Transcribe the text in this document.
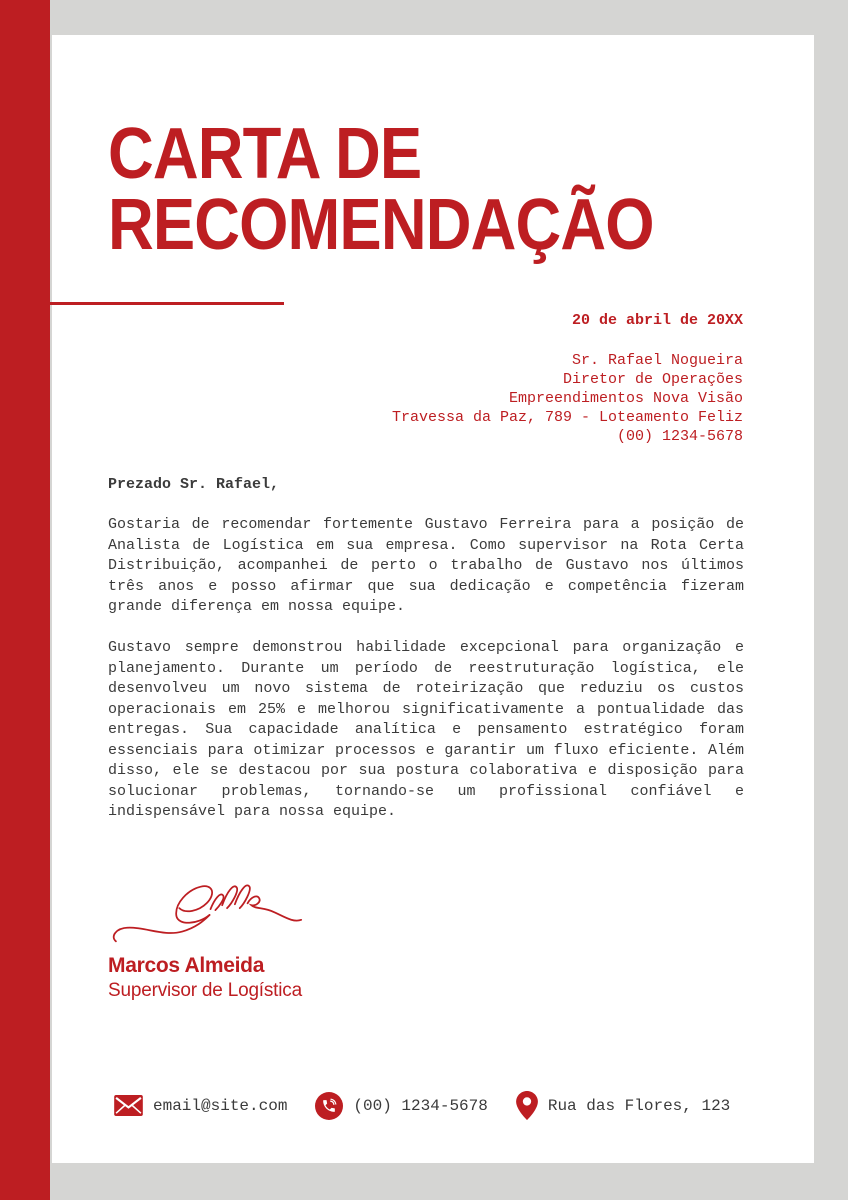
CARTA DE
RECOMENDAÇÃO
20 de abril de 20XX
Sr. Rafael Nogueira
Diretor de Operações
Empreendimentos Nova Visão
Travessa da Paz, 789 - Loteamento Feliz
(00) 1234-5678
Prezado Sr. Rafael,

Gostaria de recomendar fortemente Gustavo Ferreira para a posição de Analista de Logística em sua empresa. Como supervisor na Rota Certa Distribuição, acompanhei de perto o trabalho de Gustavo nos últimos três anos e posso afirmar que sua dedicação e competência fizeram grande diferença em nossa equipe.

Gustavo sempre demonstrou habilidade excepcional para organização e planejamento. Durante um período de reestruturação logística, ele desenvolveu um novo sistema de roteirização que reduziu os custos operacionais em 25% e melhorou significativamente a pontualidade das entregas. Sua capacidade analítica e pensamento estratégico foram essenciais para otimizar processos e garantir um fluxo eficiente. Além disso, ele se destacou por sua postura colaborativa e disposição para solucionar problemas, tornando-se um profissional confiável e indispensável para nossa equipe.

Marcos Almeida
Supervisor de Logística
email@site.com	(00) 1234-5678	Rua das Flores, 123
